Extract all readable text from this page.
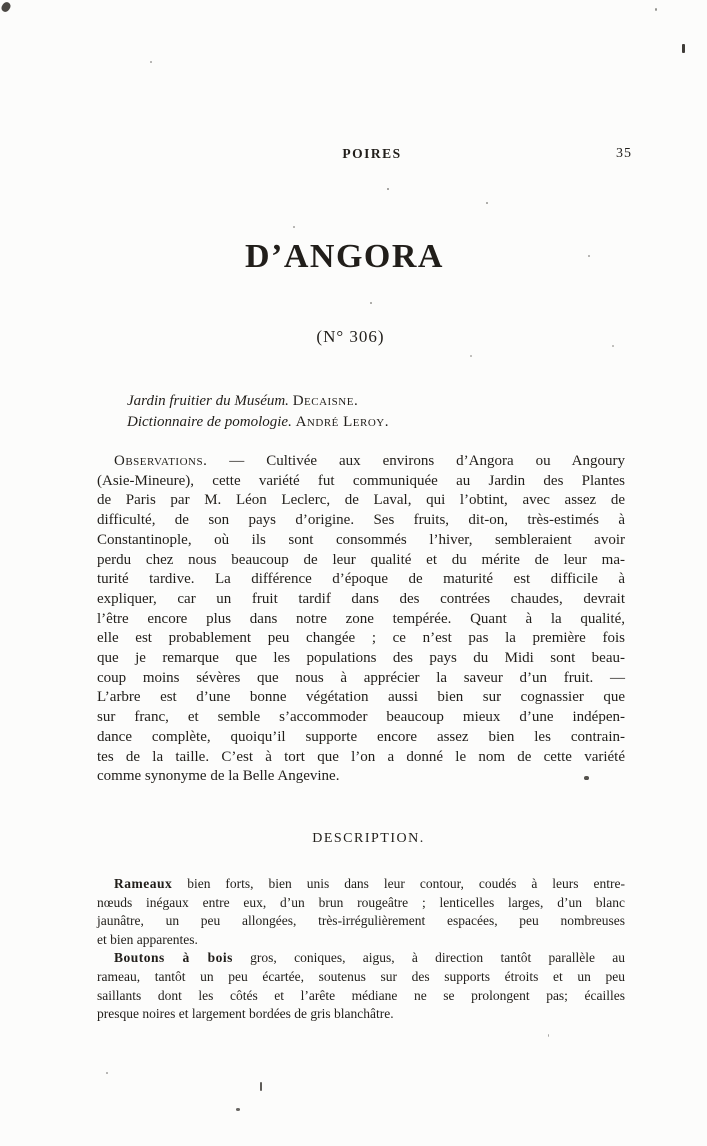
POIRES	35
D’ANGORA
(N° 306)
Jardin fruitier du Muséum. Decaisne.
Dictionnaire de pomologie. André Leroy.
Observations. — Cultivée aux environs d’Angora ou Angoury
(Asie-Mineure), cette variété fut communiquée au Jardin des Plantes
de Paris par M. Léon Leclerc, de Laval, qui l’obtint, avec assez de
difficulté, de son pays d’origine. Ses fruits, dit-on, très-estimés à
Constantinople, où ils sont consommés l’hiver, sembleraient avoir
perdu chez nous beaucoup de leur qualité et du mérite de leur ma-
turité tardive. La différence d’époque de maturité est difficile à
expliquer, car un fruit tardif dans des contrées chaudes, devrait
l’être encore plus dans notre zone tempérée. Quant à la qualité,
elle est probablement peu changée ; ce n’est pas la première fois
que je remarque que les populations des pays du Midi sont beau-
coup moins sévères que nous à apprécier la saveur d’un fruit. —
L’arbre est d’une bonne végétation aussi bien sur cognassier que
sur franc, et semble s’accommoder beaucoup mieux d’une indépen-
dance complète, quoiqu’il supporte encore assez bien les contrain-
tes de la taille. C’est à tort que l’on a donné le nom de cette variété
comme synonyme de la Belle Angevine.
DESCRIPTION.
Rameaux bien forts, bien unis dans leur contour, coudés à leurs entre-
nœuds inégaux entre eux, d’un brun rougeâtre ; lenticelles larges, d’un blanc
jaunâtre, un peu allongées, très-irrégulièrement espacées, peu nombreuses
et bien apparentes.
Boutons à bois gros, coniques, aigus, à direction tantôt parallèle au
rameau, tantôt un peu écartée, soutenus sur des supports étroits et un peu
saillants dont les côtés et l’arête médiane ne se prolongent pas; écailles
presque noires et largement bordées de gris blanchâtre.
